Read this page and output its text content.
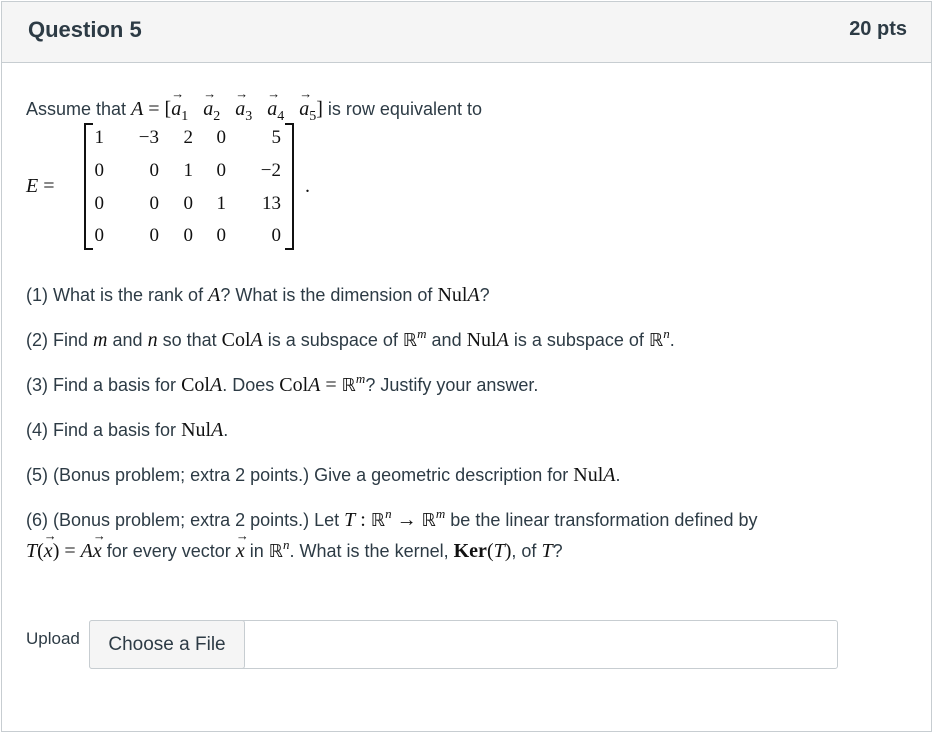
Question 5	20 pts
Assume that A = [→ $a_1 \to a_2 \to a_3 \to a_4 \to a_5$] is row equivalent to
E =
1	−3	2	0	5
0	0	1	0	−2
0	0	0	1	13
0	0	0	0	0
.
(1) What is the rank of A? What is the dimension of NulA?
(2) Find m and n so that ColA is a subspace of ℝ$^m$ and NulA is a subspace of ℝ$^n$.
(3) Find a basis for ColA. Does ColA = ℝ$^m$? Justify your answer.
(4) Find a basis for NulA.
(5) (Bonus problem; extra 2 points.) Give a geometric description for NulA.
(6) (Bonus problem; extra 2 points.) Let T : ℝ$^n$ → ℝ$^m$ be the linear transformation defined by
T(→ x) = A→ x for every vector → x in ℝ$^n$. What is the kernel, Ker(T), of T?
Upload	Choose a File
